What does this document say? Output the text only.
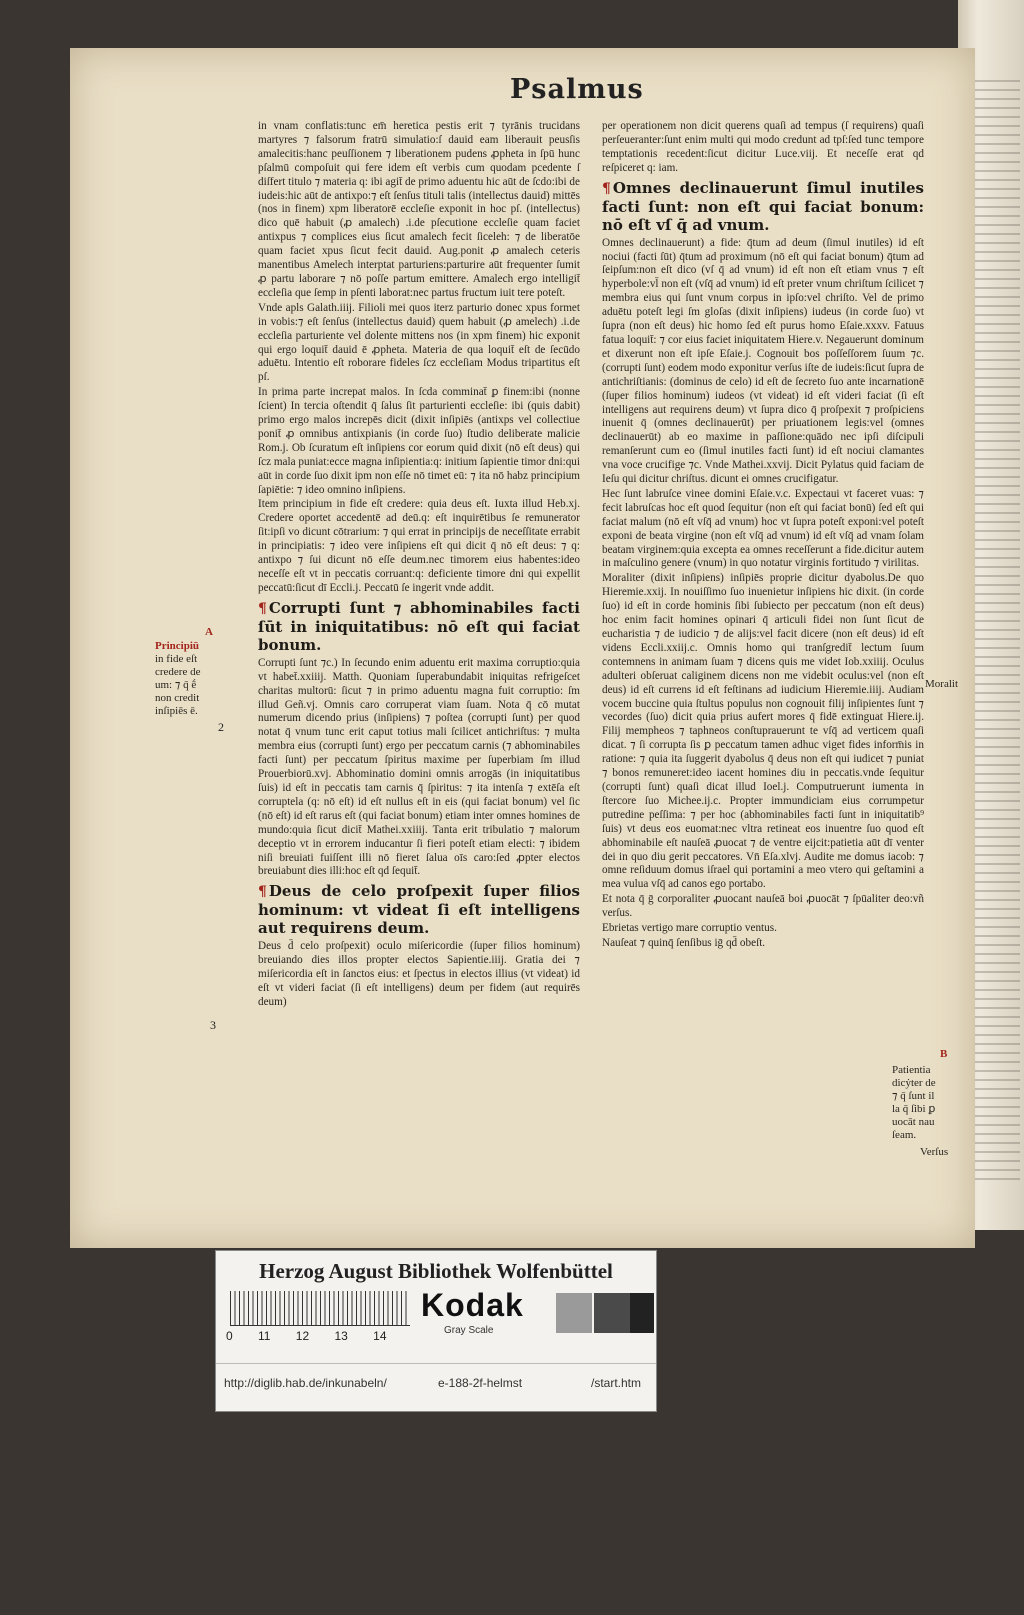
Psalmus
A
Principiū
in fide eſt
credere de
um: ⁊ q̄ ḗ
non credit
inſipiēs ē.
2
3

in vnam conflatis:tunc em̄ heretica pestis erit ⁊ tyrānis trucidans martyres ⁊ falsorum fratrū simulatio:ſ dauid eam liberauit peusſis amalecitis:hanc peuſſionem ⁊ liberationem pudens ꝓpheta in ſpū hunc pſalmū compoſuit qui fere idem eſt verbis cum quodam pcedente ſ diſfert titulo ⁊ materia q: ibi agit̄ de primo aduentu hic aūt de ſcdo:ibi de iudeis:hic aūt de antixpo:⁊ eſt ſenſus tituli talis (intellectus dauid) mittēs (nos in finem) xpm liberatorē eccleſie exponit in hoc pſ. (intellectus) dico quē habuit (ꝓ amalech) .i.de pſecutione eccleſie quam faciet antixpus ⁊ complices eius ſicut amalech fecit ſiceleh: ⁊ de liberatōe quam faciet xpus ſicut fecit dauid. Aug.ponit ꝓ amalech ceteris manentibus Amelech interptat parturiens:parturire aūt frequenter ſumit ꝓ partu laborare ⁊ nō poſſe partum emittere. Amalech ergo intelligit̄ eccleſia que ſemp in pſenti laborat:nec partus fructum iuit tere poteſt.

Vnde apls Galath.iiij. Filioli mei quos iterz parturio donec xpus formet in vobis:⁊ eſt ſenſus (intellectus dauid) quem habuit (ꝓ amelech) .i.de eccleſia parturiente vel dolente mittens nos (in xpm finem) hic exponit qui ergo loquit̄ dauid ē ꝓpheta. Materia de qua loquit̄ eſt de ſecūdo aduētu. Intentio eſt roborare fideles ſcz eccleſiam Modus tripartitus eſt pſ.

In prima parte increpat malos. In ſcda comminat̄ ꝑ finem:ibi (nonne ſcient) In tercia oſtendit q̄ ſalus ſit parturienti eccleſie: ibi (quis dabit) primo ergo malos increpēs dicit (dixit inſipiēs (antixps vel collectiue ponit̄ ꝓ omnibus antixpianis (in corde ſuo) ſtudio deliberate malicie Rom.j. Ob ſcuratum eſt inſipiens cor eorum quid dixit (nō eſt deus) qui ſcz mala puniat:ecce magna inſipientia:q: initium ſapientie timor dni:qui aūt in corde ſuo dixit ipm non eſſe nō timet eū: ⁊ ita nō habz principium ſapiētie: ⁊ ideo omnino inſipiens.

Item principium in fide eſt credere: quia deus eſt. Iuxta illud Heb.xj. Credere oportet accedentē ad deū.q: eſt inquirētibus ſe remunerator ſit:ipſi vo dicunt cōtrarium: ⁊ qui errat in principijs de neceſſitate errabit in principiatis: ⁊ ideo vere inſipiens eſt qui dicit q̄ nō eſt deus: ⁊ q: antixpo ⁊ ſui dicunt nō eſſe deum.nec timorem eius habentes:ideo neceſſe eſt vt in peccatis corruant:q: deficiente timore dni qui expellit peccatū:ſicut dī Eccli.j. Peccatū ſe ingerit vnde addit.

¶ Corrupti ſunt ⁊ abhominabiles facti ſūt in iniquitatibus: nō eſt qui faciat bonum.

Corrupti ſunt ⁊c.) In ſecundo enim aduentu erit maxima corruptio:quia vt habet̄.xxiiij. Matth. Quoniam ſuperabundabit iniquitas refrigeſcet charitas multorū: ſicut ⁊ in primo aduentu magna fuit corruptio: ſm illud Geñ.vj. Omnis caro corruperat viam ſuam. Nota q̄ cō mutat numerum dicendo prius (inſipiens) ⁊ poſtea (corrupti ſunt) per quod notat q̄ vnum tunc erit caput totius mali ſcilicet antichriſtus: ⁊ multa membra eius (corrupti ſunt) ergo per peccatum carnis (⁊ abhominabiles facti ſunt) per peccatum ſpiritus maxime per ſuperbiam ſm illud Prouerbiorū.xvj. Abhominatio domini omnis arrogās (in iniquitatibus ſuis) id eſt in peccatis tam carnis q̄ ſpiritus: ⁊ ita intenſa ⁊ extēſa eſt corruptela (q: nō eſt) id eſt nullus eſt in eis (qui faciat bonum) vel ſic (nō eſt) id eſt rarus eſt (qui faciat bonum) etiam inter omnes homines de mundo:quia ſicut dicit̄ Mathei.xxiiij. Tanta erit tribulatio ⁊ malorum deceptio vt in errorem inducantur ſi fieri poteſt etiam electi: ⁊ ibidem niſi breuiati fuiſſent illi nō fieret ſalua oīs caro:ſed ꝓpter electos breuiabunt dies illi:hoc eſt qd ſequit̄.

¶ Deus de celo proſpexit ſuper filios hominum: vt videat ſi eſt intelligens aut requirens deum.

Deus d̄ celo proſpexit) oculo miſericordie (ſuper filios hominum) breuiando dies illos propter electos Sapientie.iiij. Gratia dei ⁊ miſericordia eſt in ſanctos eius: et ſpectus in electos illius (vt videat) id eſt vt videri faciat (ſi eſt intelligens) deum per fidem (aut requirēs deum)

per operationem non dicit querens quaſi ad tempus (ſ requirens) quaſi perſeueranter:ſunt enim multi qui modo credunt ad tpſ:ſed tunc tempore temptationis recedent:ſicut dicitur Luce.viij. Et neceſſe erat qd reſpiceret q: iam.

¶ Omnes declinauerunt ſimul inutiles facti ſunt: non eſt qui faciat bonum: nō eſt vſ q̄ ad vnum.

Omnes declinauerunt) a fide: q̄tum ad deum (ſimul inutiles) id eſt nociui (facti ſūt) q̄tum ad proximum (nō eſt qui faciat bonum) q̄tum ad ſeipſum:non eſt dico (vſ q̄ ad vnum) id eſt non eſt etiam vnus ⁊ eſt hyperbole:vl̄ non eſt (vſq̄ ad vnum) id eſt preter vnum chriſtum ſcilicet ⁊ membra eius qui ſunt vnum corpus in ipſo:vel chriſto. Vel de primo aduētu poteſt legi ſm gloſas (dixit inſipiens) iudeus (in corde ſuo) vt ſupra (non eſt deus) hic homo ſed eſt purus homo Eſaie.xxxv. Fatuus fatua loquit̄: ⁊ cor eius faciet iniquitatem Hiere.v. Negauerunt dominum et dixerunt non eſt ipſe Eſaie.j. Cognouit bos poſſeſſorem ſuum ⁊c. (corrupti ſunt) eodem modo exponitur verſus iſte de iudeis:ſicut ſupra de antichriſtianis: (dominus de celo) id eſt de ſecreto ſuo ante incarnationē (ſuper filios hominum) iudeos (vt videat) id eſt videri faciat (ſi eſt intelligens aut requirens deum) vt ſupra dico q̄ proſpexit ⁊ proſpiciens inuenit q̄ (omnes declinauerūt) per priuationem legis:vel (omnes declinauerūt) ab eo maxime in paſſione:quādo nec ipſi diſcipuli remanſerunt cum eo (ſimul inutiles facti ſunt) id eſt nociui clamantes vna voce crucifige ⁊c. Vnde Mathei.xxvij. Dicit Pylatus quid faciam de Ieſu qui dicitur chriſtus. dicunt ei omnes crucifigatur.

Hec ſunt labruſce vinee domini Eſaie.v.c. Expectaui vt faceret vuas: ⁊ fecit labruſcas hoc eſt quod ſequitur (non eſt qui faciat bonū) ſed eſt qui faciat malum (nō eſt vſq̄ ad vnum) hoc vt ſupra poteſt exponi:vel poteſt exponi de beata virgine (non eſt vſq̄ ad vnum) id eſt vſq̄ ad vnam ſolam beatam virginem:quia excepta ea omnes receſſerunt a fide.dicitur autem in maſculino genere (vnum) in quo notatur virginis fortitudo ⁊ virilitas.

Moraliter (dixit inſipiens) inſipiēs proprie dicitur dyabolus.De quo Hieremie.xxij. In nouiſſimo ſuo inuenietur inſipiens hic dixit. (in corde ſuo) id eſt in corde hominis ſibi ſubiecto per peccatum (non eſt deus) hoc enim facit homines opinari q̄ articuli fidei non ſunt ſicut de eucharistia ⁊ de iudicio ⁊ de alijs:vel facit dicere (non eſt deus) id eſt videns Eccli.xxiij.c. Omnis homo qui tranſgredit̄ lectum ſuum contemnens in animam ſuam ⁊ dicens quis me videt Iob.xxiiij. Oculus adulteri obſeruat caliginem dicens non me videbit oculus:vel (non eſt deus) id eſt currens id eſt feſtinans ad iudicium Hieremie.iiij. Audiam vocem buccine quia ſtultus populus non cognouit filij inſipientes ſunt ⁊ vecordes (ſuo) dicit quia prius aufert mores q̄ fidē extinguat Hiere.ij. Filij mempheos ⁊ taphneos conſtuprauerunt te vſq̄ ad verticem quaſi dicat. ⁊ ſi corrupta ſis ꝑ peccatum tamen adhuc viget fides inform̄is in ratione: ⁊ quia ita ſuggerit dyabolus q̄ deus non eſt qui iudicet ⁊ puniat ⁊ bonos remuneret:ideo iacent homines diu in peccatis.vnde ſequitur (corrupti ſunt) quaſi dicat illud Ioel.j. Computruerunt iumenta in ſtercore ſuo Michee.ij.c. Propter immundiciam eius corrumpetur putredine peſſima: ⁊ per hoc (abhominabiles facti ſunt in iniquitatib⁹ ſuis) vt deus eos euomat:nec vltra retineat eos inuentre ſuo quod eſt abhominabile eſt nauſeā ꝓuocat ⁊ de ventre eijcit:patietia aūt dī venter dei in quo diu gerit peccatores. Vn̄ Eſa.xlvj. Audite me domus iacob: ⁊ omne reſiduum domus iſrael qui portamini a meo vtero qui geſtamini a mea vulua vſq̄ ad canos ego portabo.

Et nota q̄ ḡ corporaliter ꝓuocant nauſeā boi ꝓuocāt ⁊ ſpūaliter deo:vñ verſus.

Ebrietas vertigo mare corruptio ventus.

Nauſeat ⁊ quinq̄ ſenſibus iḡ qd̄ obeſt.

Moralit
B
Patientia
dicẏter de
⁊ q̄ ſunt il
la q̄ ſibi ꝑ
uocāt nau
ſeam.
Verſus
Herzog August Bibliothek Wolfenbüttel
0 11 12 13 14
Kodak
Gray Scale
http://diglib.hab.de/inkunabeln/	e-188-2f-helmst	/start.htm
